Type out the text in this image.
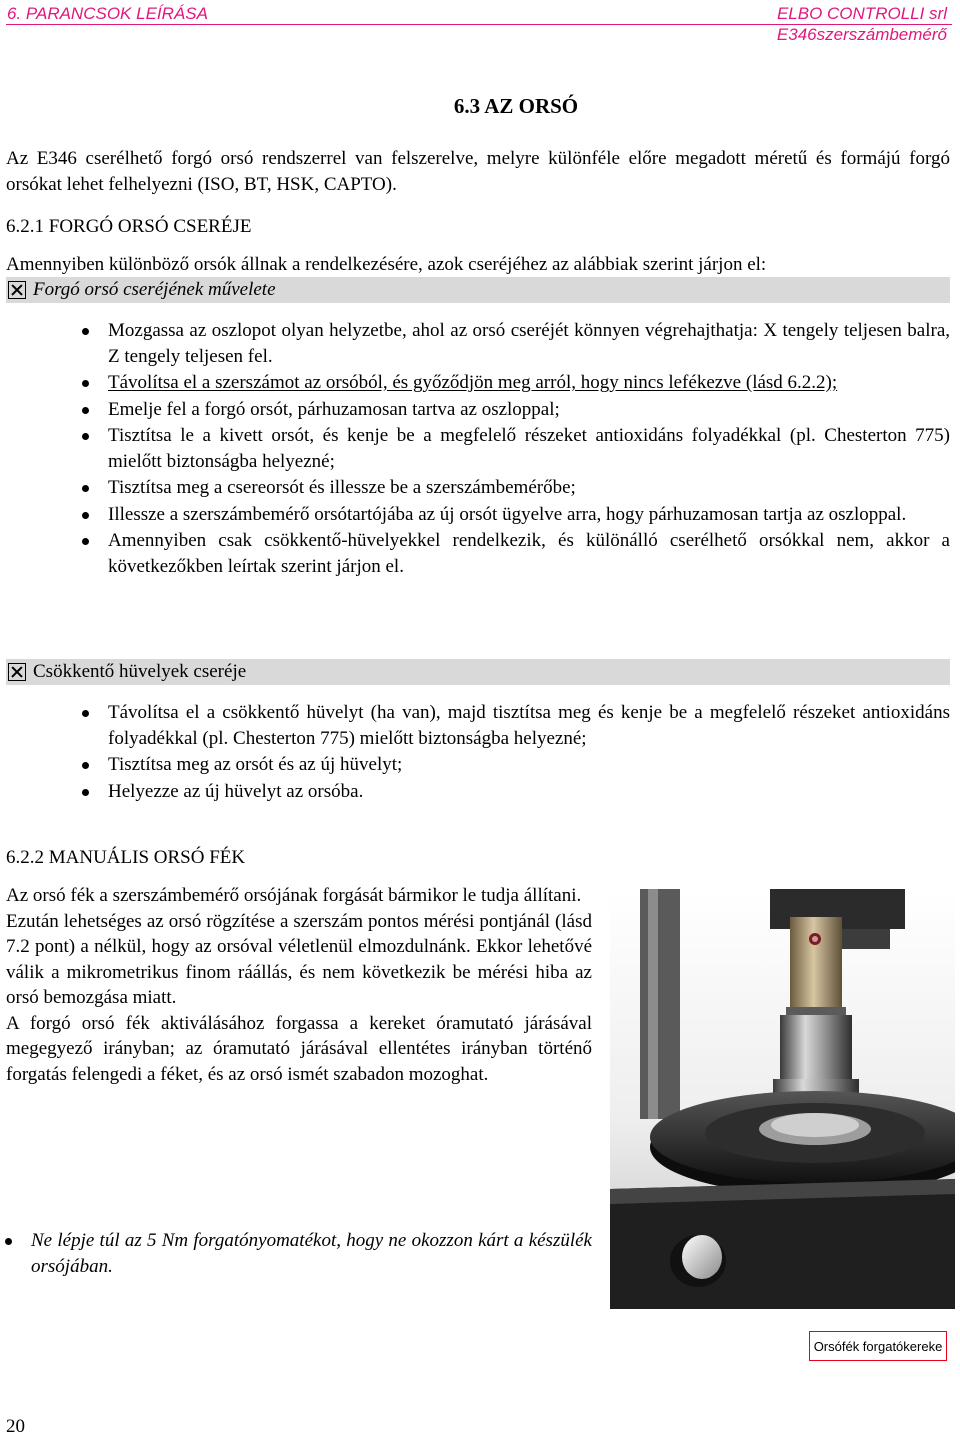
6. PARANCSOK LEÍRÁSA	ELBO CONTROLLI srl
E346szerszámbemérő
6.3 AZ ORSÓ
Az E346 cserélhető forgó orsó rendszerrel van felszerelve, melyre különféle előre megadott méretű és formájú forgó orsókat lehet felhelyezni (ISO, BT, HSK, CAPTO).
6.2.1 FORGÓ ORSÓ CSERÉJE
Amennyiben különböző orsók állnak a rendelkezésére, azok cseréjéhez az alábbiak szerint járjon el:
Forgó orsó cseréjének művelete
Mozgassa az oszlopot olyan helyzetbe, ahol az orsó cseréjét könnyen végrehajthatja: X tengely teljesen balra, Z tengely teljesen fel.
Távolítsa el a szerszámot az orsóból, és győződjön meg arról, hogy nincs lefékezve (lásd 6.2.2);
Emelje fel a forgó orsót, párhuzamosan tartva az oszloppal;
Tisztítsa le a kivett orsót, és kenje be a megfelelő részeket antioxidáns folyadékkal (pl. Chesterton 775) mielőtt biztonságba helyezné;
Tisztítsa meg a csereorsót és illessze be a szerszámbemérőbe;
Illessze a szerszámbemérő orsótartójába az új orsót ügyelve arra, hogy párhuzamosan tartja az oszloppal.
Amennyiben csak csökkentő-hüvelyekkel rendelkezik, és különálló cserélhető orsókkal nem, akkor a következőkben leírtak szerint járjon el.
Csökkentő hüvelyek cseréje
Távolítsa el a csökkentő hüvelyt (ha van), majd tisztítsa meg és kenje be a megfelelő részeket antioxidáns folyadékkal (pl. Chesterton 775) mielőtt biztonságba helyezné;
Tisztítsa meg az orsót és az új hüvelyt;
Helyezze az új hüvelyt az orsóba.
6.2.2 MANUÁLIS ORSÓ FÉK
Az orsó fék a szerszámbemérő orsójának forgását bármikor le tudja állítani.
Ezután lehetséges az orsó rögzítése a szerszám pontos mérési pontjánál (lásd 7.2 pont) a nélkül, hogy az orsóval véletlenül elmozdulnánk. Ekkor lehetővé válik a mikrometrikus finom ráállás, és nem következik be mérési hiba az orsó bemozgása miatt.
A forgó orsó fék aktiválásához forgassa a kereket óramutató járásával megegyező irányban; az óramutató járásával ellentétes irányban történő forgatás felengedi a féket, és az orsó ismét szabadon mozoghat.
Ne lépje túl az 5 Nm forgatónyomatékot, hogy ne okozzon kárt a készülék orsójában.
Orsófék forgatókereke
20
